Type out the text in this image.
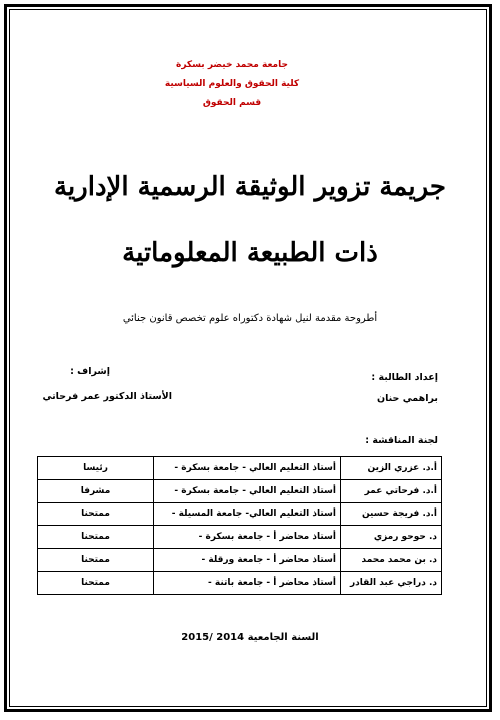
جامعة محمد خيضر بسكرة
كلية الحقوق والعلوم السياسية
قسم الحقوق
جريمة تزوير الوثيقة الرسمية الإدارية
ذات الطبيعة المعلوماتية
أطروحة مقدمة لنيل شهادة دكتوراه علوم تخصص قانون جنائي
إعداد الطالبة :
براهمي حنان
إشراف :
الأستاذ الدكتور عمر فرحاتي
لجنة المناقشة :
أ.د. عزري الزين	أستاذ التعليم العالي - جامعة بسكرة -	رئيسا
أ.د. فرحاتي عمر	أستاذ التعليم العالي - جامعة بسكرة -	مشرفا
أ.د. فريجة حسين	أستاذ التعليم العالي- جامعة المسيلة -	ممتحنا
د. حوحو رمزي	أستاذ محاضر أ - جامعة بسكرة -	ممتحنا
د. بن محمد محمد	أستاذ محاضر أ - جامعة ورقلة -	ممتحنا
د. دراجي عبد القادر	أستاذ محاضر أ - جامعة باتنة -	ممتحنا
السنة الجامعية 2014 /2015
